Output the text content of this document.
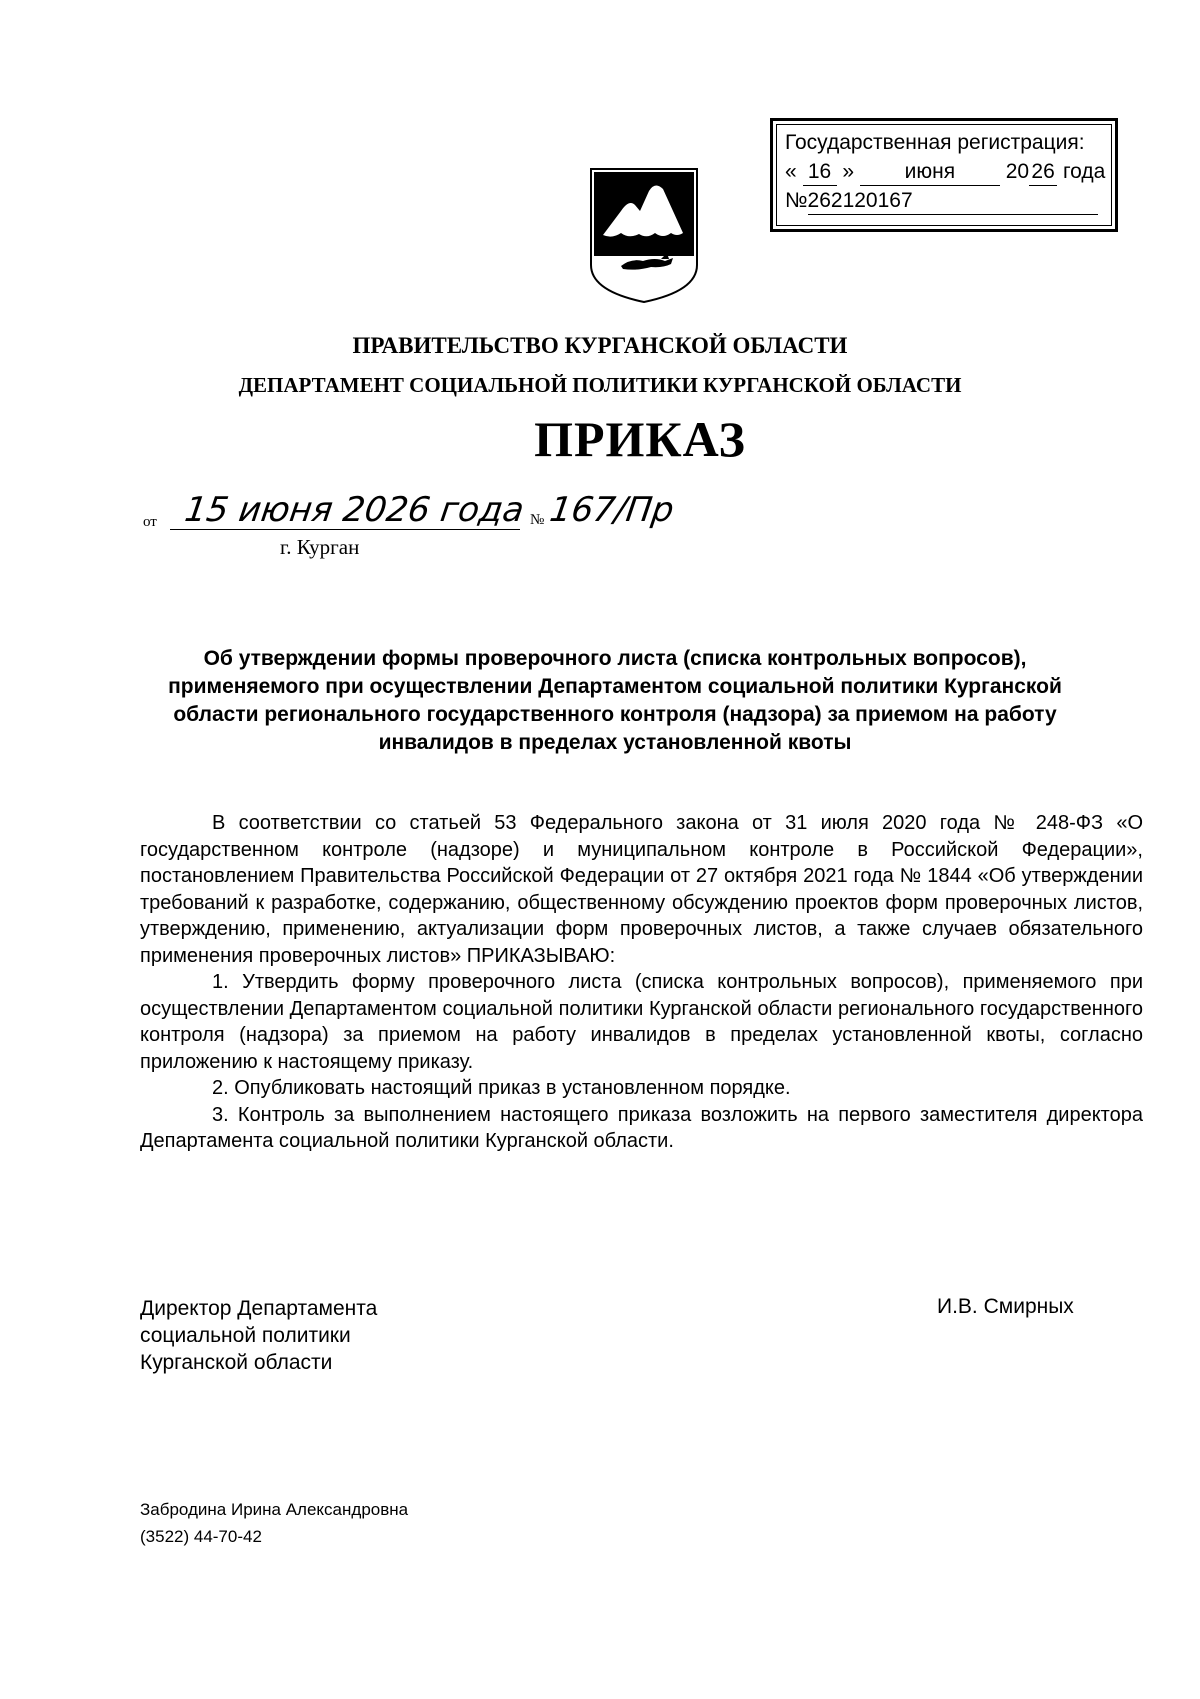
Государственная регистрация:
« 16 » июня 20 26 года
№262120167
ПРАВИТЕЛЬСТВО КУРГАНСКОЙ ОБЛАСТИ
ДЕПАРТАМЕНТ СОЦИАЛЬНОЙ ПОЛИТИКИ КУРГАНСКОЙ ОБЛАСТИ
ПРИКАЗ
от 15 июня 2026 года № 167/Пр
г. Курган
Об утверждении формы проверочного листа (списка контрольных вопросов), применяемого при осуществлении Департаментом социальной политики Курганской области регионального государственного контроля (надзора) за приемом на работу инвалидов в пределах установленной квоты

В соответствии со статьей 53 Федерального закона от 31 июля 2020 года № 248-ФЗ «О государственном контроле (надзоре) и муниципальном контроле в Российской Федерации», постановлением Правительства Российской Федерации от 27 октября 2021 года № 1844 «Об утверждении требований к разработке, содержанию, общественному обсуждению проектов форм проверочных листов, утверждению, применению, актуализации форм проверочных листов, а также случаев обязательного применения проверочных листов» ПРИКАЗЫВАЮ:

1. Утвердить форму проверочного листа (списка контрольных вопросов), применяемого при осуществлении Департаментом социальной политики Курганской области регионального государственного контроля (надзора) за приемом на работу инвалидов в пределах установленной квоты, согласно приложению к настоящему приказу.

2. Опубликовать настоящий приказ в установленном порядке.

3. Контроль за выполнением настоящего приказа возложить на первого заместителя директора Департамента социальной политики Курганской области.

Директор Департамента
социальной политики
Курганской области
И.В. Смирных
Забродина Ирина Александровна
(3522) 44-70-42
